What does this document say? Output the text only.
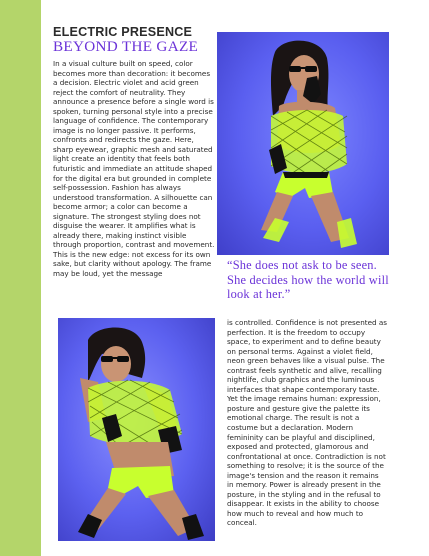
ELECTRIC PRESENCE
BEYOND THE GAZE

In a visual culture built on speed, color becomes more than decoration: it becomes a decision. Electric violet and acid green reject the comfort of neutrality. They announce a presence before a single word is spoken, turning personal style into a precise language of confidence. The contemporary image is no longer passive. It performs, confronts and redirects the gaze. Here, sharp eyewear, graphic mesh and saturated light create an identity that feels both futuristic and immediate an attitude shaped for the digital era but grounded in complete self-possession. Fashion has always understood transformation. A silhouette can become armor; a color can become a signature. The strongest styling does not disguise the wearer. It amplifies what is already there, making instinct visible through proportion, contrast and movement. This is the new edge: not excess for its own sake, but clarity without apology. The frame may be loud, yet the message

“She does not ask to be seen. She decides how the world will look at her.”

is controlled. Confidence is not presented as perfection. It is the freedom to occupy space, to experiment and to define beauty on personal terms. Against a violet field, neon green behaves like a visual pulse. The contrast feels synthetic and alive, recalling nightlife, club graphics and the luminous interfaces that shape contemporary taste. Yet the image remains human: expression, posture and gesture give the palette its emotional charge. The result is not a costume but a declaration. Modern femininity can be playful and disciplined, exposed and protected, glamorous and confrontational at once. Contradiction is not something to resolve; it is the source of the image's tension and the reason it remains in memory. Power is already present in the posture, in the styling and in the refusal to disappear. It exists in the ability to choose how much to reveal and how much to conceal.
